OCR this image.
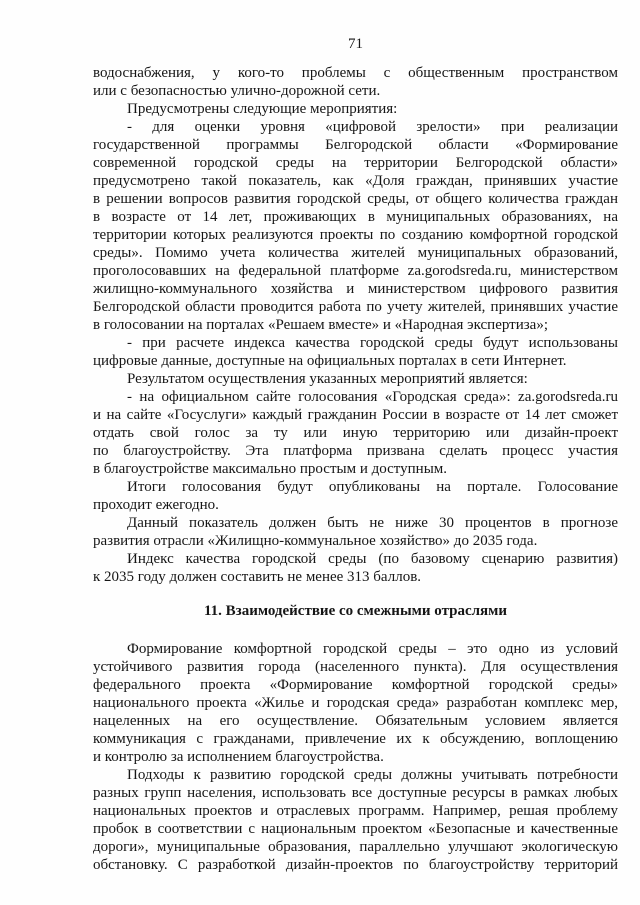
71
водоснабжения, у кого-то проблемы с общественным пространством
или с безопасностью улично-дорожной сети.
Предусмотрены следующие мероприятия:
- для оценки уровня «цифровой зрелости» при реализации
государственной программы Белгородской области «Формирование
современной городской среды на территории Белгородской области»
предусмотрено такой показатель, как «Доля граждан, принявших участие
в решении вопросов развития городской среды, от общего количества граждан
в возрасте от 14 лет, проживающих в муниципальных образованиях, на
территории которых реализуются проекты по созданию комфортной городской
среды». Помимо учета количества жителей муниципальных образований,
проголосовавших на федеральной платформе za.gorodsreda.ru, министерством
жилищно-коммунального хозяйства и министерством цифрового развития
Белгородской области проводится работа по учету жителей, принявших участие
в голосовании на порталах «Решаем вместе» и «Народная экспертиза»;
- при расчете индекса качества городской среды будут использованы
цифровые данные, доступные на официальных порталах в сети Интернет.
Результатом осуществления указанных мероприятий является:
- на официальном сайте голосования «Городская среда»: za.gorodsreda.ru
и на сайте «Госуслуги» каждый гражданин России в возрасте от 14 лет сможет
отдать свой голос за ту или иную территорию или дизайн-проект
по благоустройству. Эта платформа призвана сделать процесс участия
в благоустройстве максимально простым и доступным.
Итоги голосования будут опубликованы на портале. Голосование
проходит ежегодно.
Данный показатель должен быть не ниже 30 процентов в прогнозе
развития отрасли «Жилищно-коммунальное хозяйство» до 2035 года.
Индекс качества городской среды (по базовому сценарию развития)
к 2035 году должен составить не менее 313 баллов.
11. Взаимодействие со смежными отраслями
Формирование комфортной городской среды – это одно из условий
устойчивого развития города (населенного пункта). Для осуществления
федерального проекта «Формирование комфортной городской среды»
национального проекта «Жилье и городская среда» разработан комплекс мер,
нацеленных на его осуществление. Обязательным условием является
коммуникация с гражданами, привлечение их к обсуждению, воплощению
и контролю за исполнением благоустройства.
Подходы к развитию городской среды должны учитывать потребности
разных групп населения, использовать все доступные ресурсы в рамках любых
национальных проектов и отраслевых программ. Например, решая проблему
пробок в соответствии с национальным проектом «Безопасные и качественные
дороги», муниципальные образования, параллельно улучшают экологическую
обстановку. С разработкой дизайн-проектов по благоустройству территорий
